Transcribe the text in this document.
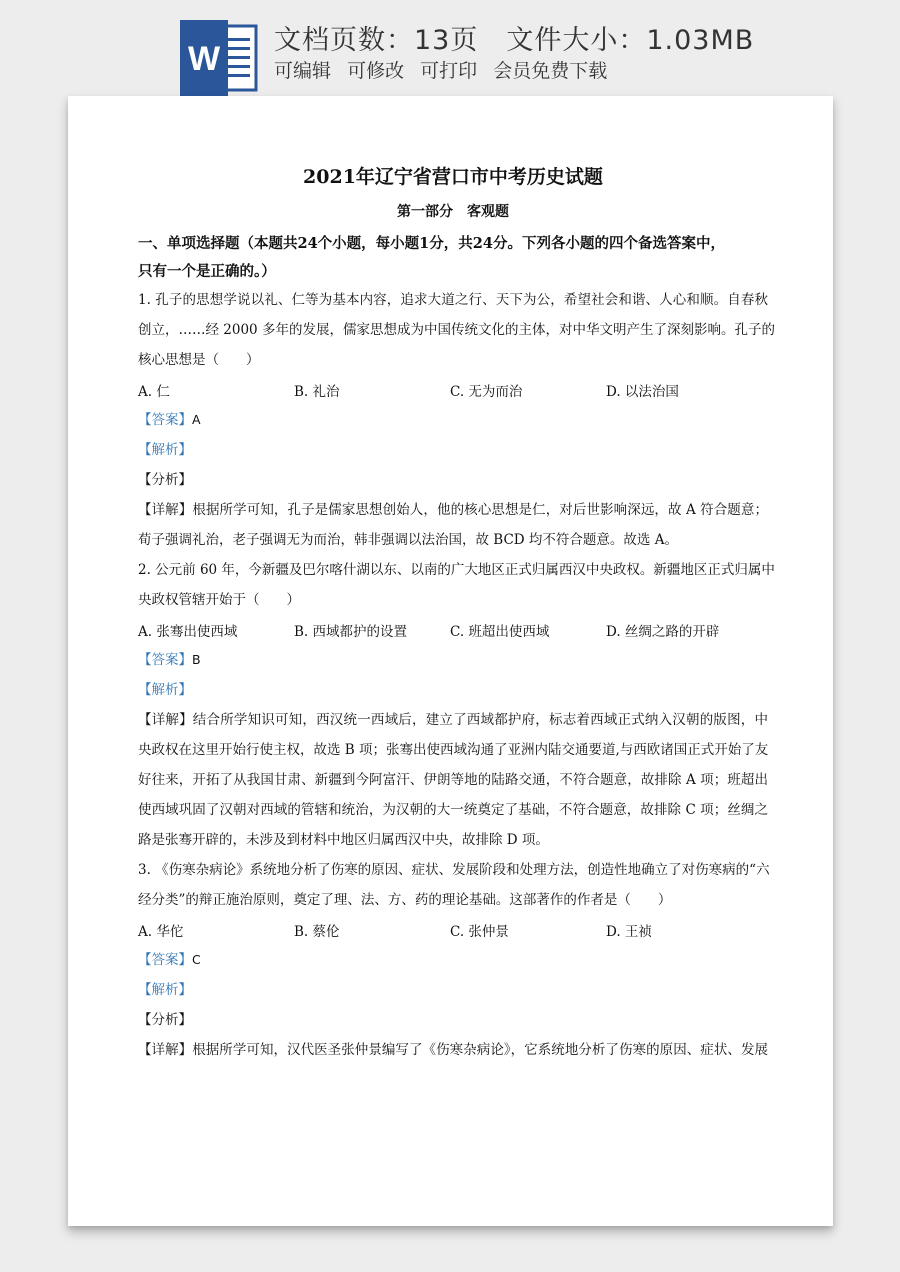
W 文档页数：13页 文件大小：1.03MB
可编辑 可修改 可打印 会员免费下载
2021年辽宁省营口市中考历史试题
第一部分　客观题
一、单项选择题（本题共24个小题，每小题1分，共24分。下列各小题的四个备选答案中，
只有一个是正确的。）
1. 孔子的思想学说以礼、仁等为基本内容，追求大道之行、天下为公，希望社会和谐、人心和顺。自春秋
创立，……经 2000 多年的发展，儒家思想成为中国传统文化的主体，对中华文明产生了深刻影响。孔子的
核心思想是（　　）
A. 仁	B. 礼治	C. 无为而治	D. 以法治国
【答案】A
【解析】
【分析】
【详解】根据所学可知，孔子是儒家思想创始人，他的核心思想是仁，对后世影响深远，故 A 符合题意；
荀子强调礼治，老子强调无为而治，韩非强调以法治国，故 BCD 均不符合题意。故选 A。
2. 公元前 60 年，今新疆及巴尔喀什湖以东、以南的广大地区正式归属西汉中央政权。新疆地区正式归属中
央政权管辖开始于（　　）
A. 张骞出使西域	B. 西域都护的设置	C. 班超出使西域	D. 丝绸之路的开辟
【答案】B
【解析】
【详解】结合所学知识可知，西汉统一西域后，建立了西域都护府，标志着西域正式纳入汉朝的版图，中
央政权在这里开始行使主权，故选 B 项；张骞出使西域沟通了亚洲内陆交通要道,与西欧诸国正式开始了友
好往来，开拓了从我国甘肃、新疆到今阿富汗、伊朗等地的陆路交通，不符合题意，故排除 A 项；班超出
使西域巩固了汉朝对西域的管辖和统治，为汉朝的大一统奠定了基础，不符合题意，故排除 C 项；丝绸之
路是张骞开辟的，未涉及到材料中地区归属西汉中央，故排除 D 项。
3. 《伤寒杂病论》系统地分析了伤寒的原因、症状、发展阶段和处理方法，创造性地确立了对伤寒病的“六
经分类”的辩正施治原则，奠定了理、法、方、药的理论基础。这部著作的作者是（　　）
A. 华佗	B. 蔡伦	C. 张仲景	D. 王祯
【答案】C
【解析】
【分析】
【详解】根据所学可知，汉代医圣张仲景编写了《伤寒杂病论》，它系统地分析了伤寒的原因、症状、发展
